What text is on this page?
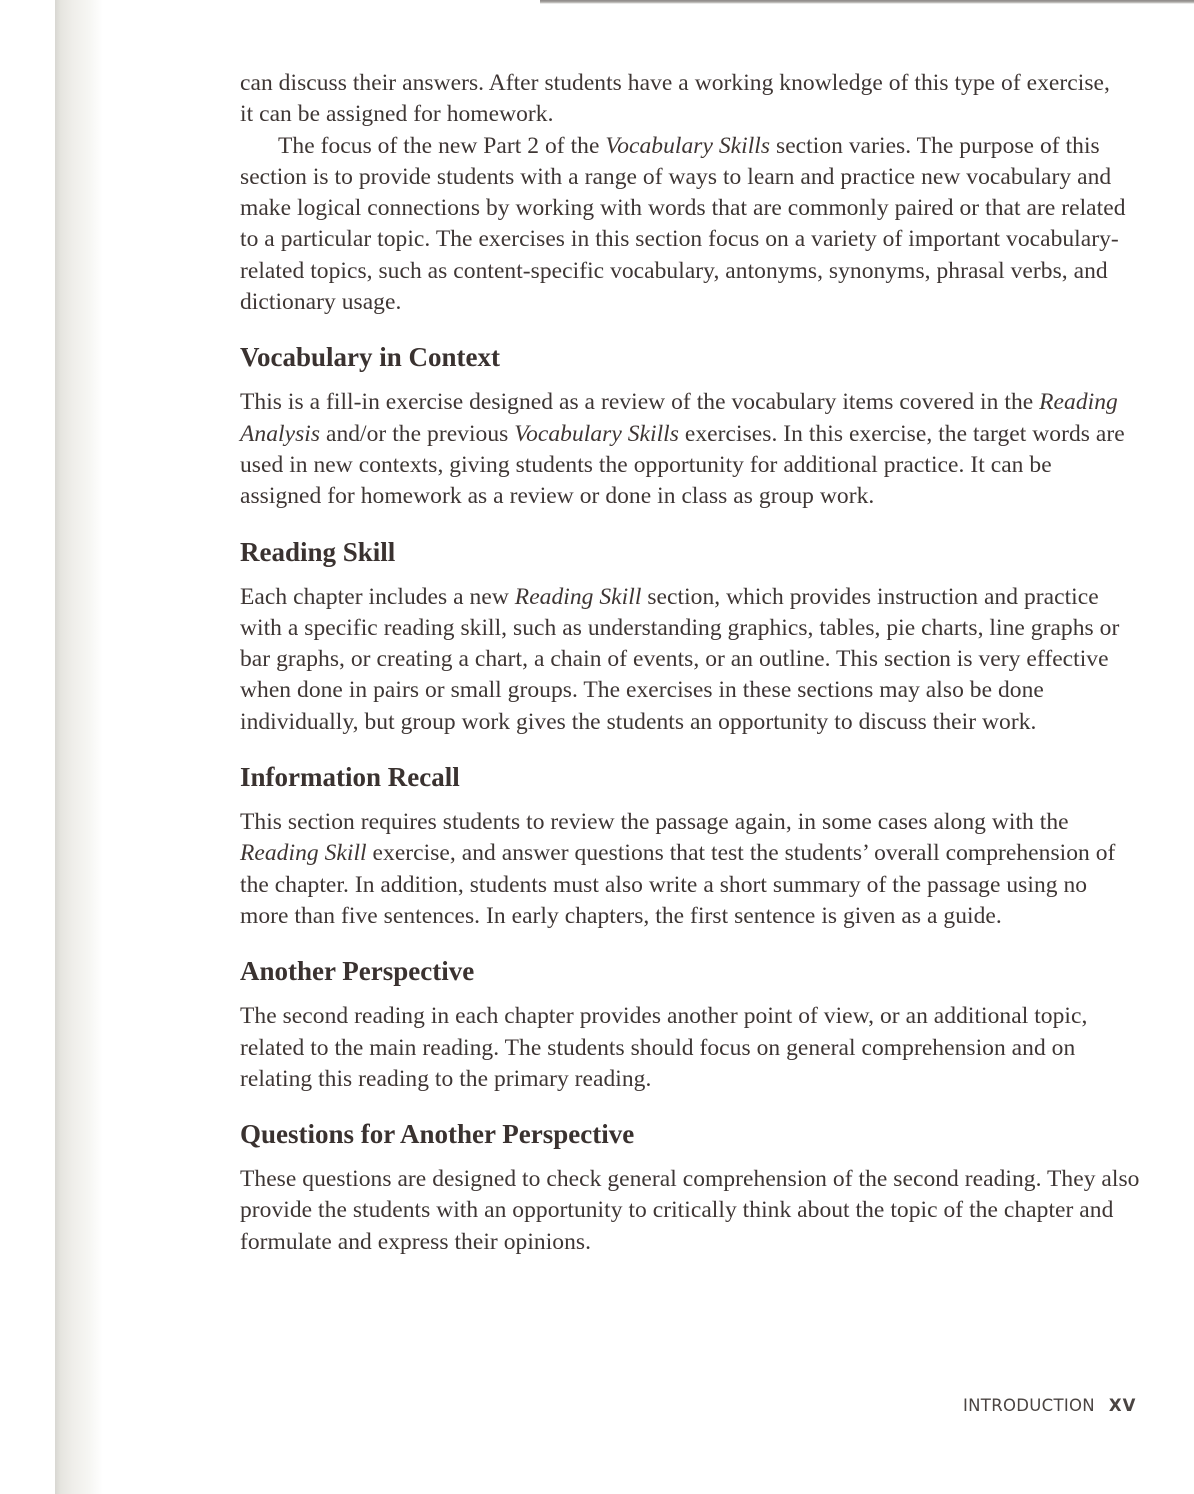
can discuss their answers. After students have a working knowledge of this type of exercise, it can be assigned for homework.

The focus of the new Part 2 of the Vocabulary Skills section varies. The purpose of this section is to provide students with a range of ways to learn and practice new vocabulary and make logical connections by working with words that are commonly paired or that are related to a particular topic. The exercises in this section focus on a variety of important vocabulary-related topics, such as content-specific vocabulary, antonyms, synonyms, phrasal verbs, and dictionary usage.

Vocabulary in Context

This is a fill-in exercise designed as a review of the vocabulary items covered in the Reading Analysis and/or the previous Vocabulary Skills exercises. In this exercise, the target words are used in new contexts, giving students the opportunity for additional practice. It can be assigned for homework as a review or done in class as group work.

Reading Skill

Each chapter includes a new Reading Skill section, which provides instruction and practice with a specific reading skill, such as understanding graphics, tables, pie charts, line graphs or bar graphs, or creating a chart, a chain of events, or an outline. This section is very effective when done in pairs or small groups. The exercises in these sections may also be done individually, but group work gives the students an opportunity to discuss their work.

Information Recall

This section requires students to review the passage again, in some cases along with the Reading Skill exercise, and answer questions that test the students’ overall comprehension of the chapter. In addition, students must also write a short summary of the passage using no more than five sentences. In early chapters, the first sentence is given as a guide.

Another Perspective

The second reading in each chapter provides another point of view, or an additional topic, related to the main reading. The students should focus on general comprehension and on relating this reading to the primary reading.

Questions for Another Perspective

These questions are designed to check general comprehension of the second reading. They also provide the students with an opportunity to critically think about the topic of the chapter and formulate and express their opinions.

INTRODUCTION XV
